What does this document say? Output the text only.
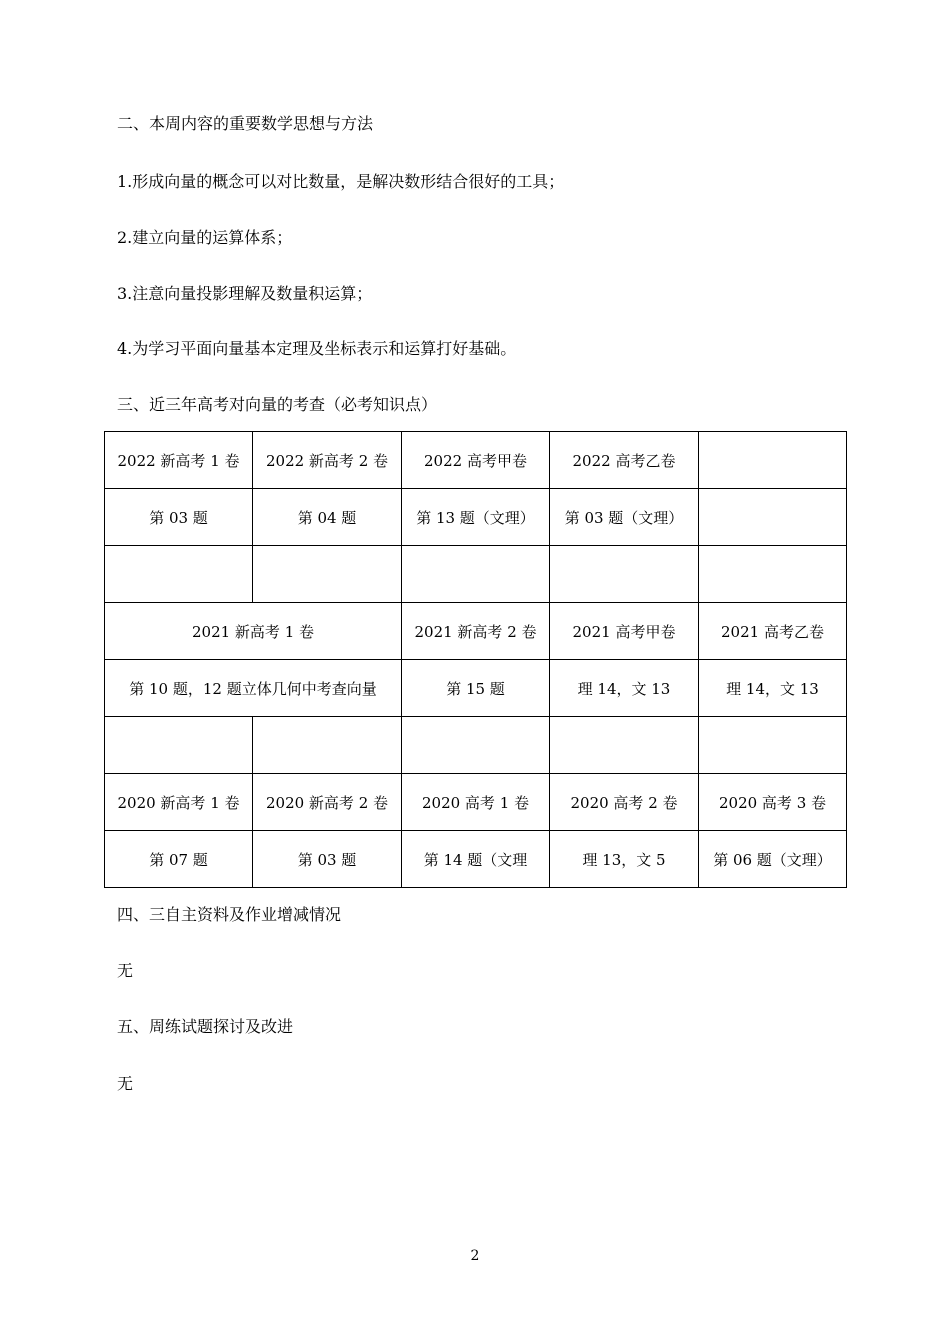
二、本周内容的重要数学思想与方法

1.形成向量的概念可以对比数量，是解决数形结合很好的工具；

2.建立向量的运算体系；

3.注意向量投影理解及数量积运算；

4.为学习平面向量基本定理及坐标表示和运算打好基础。

三、近三年高考对向量的考查（必考知识点）

2022 新高考 1 卷	2022 新高考 2 卷	2022 高考甲卷	2022 高考乙卷	
第 03 题	第 04 题	第 13 题（文理）	第 03 题（文理）	

2021 新高考 1 卷		2021 新高考 2 卷	2021 高考甲卷	2021 高考乙卷
第 10 题，12 题立体几何中考查向量		第 15 题	理 14，文 13	理 14，文 13

2020 新高考 1 卷	2020 新高考 2 卷	2020 高考 1 卷	2020 高考 2 卷	2020 高考 3 卷
第 07 题	第 03 题	第 14 题（文理	理 13，文 5	第 06 题（文理）

四、三自主资料及作业增减情况

无

五、周练试题探讨及改进

无

2
